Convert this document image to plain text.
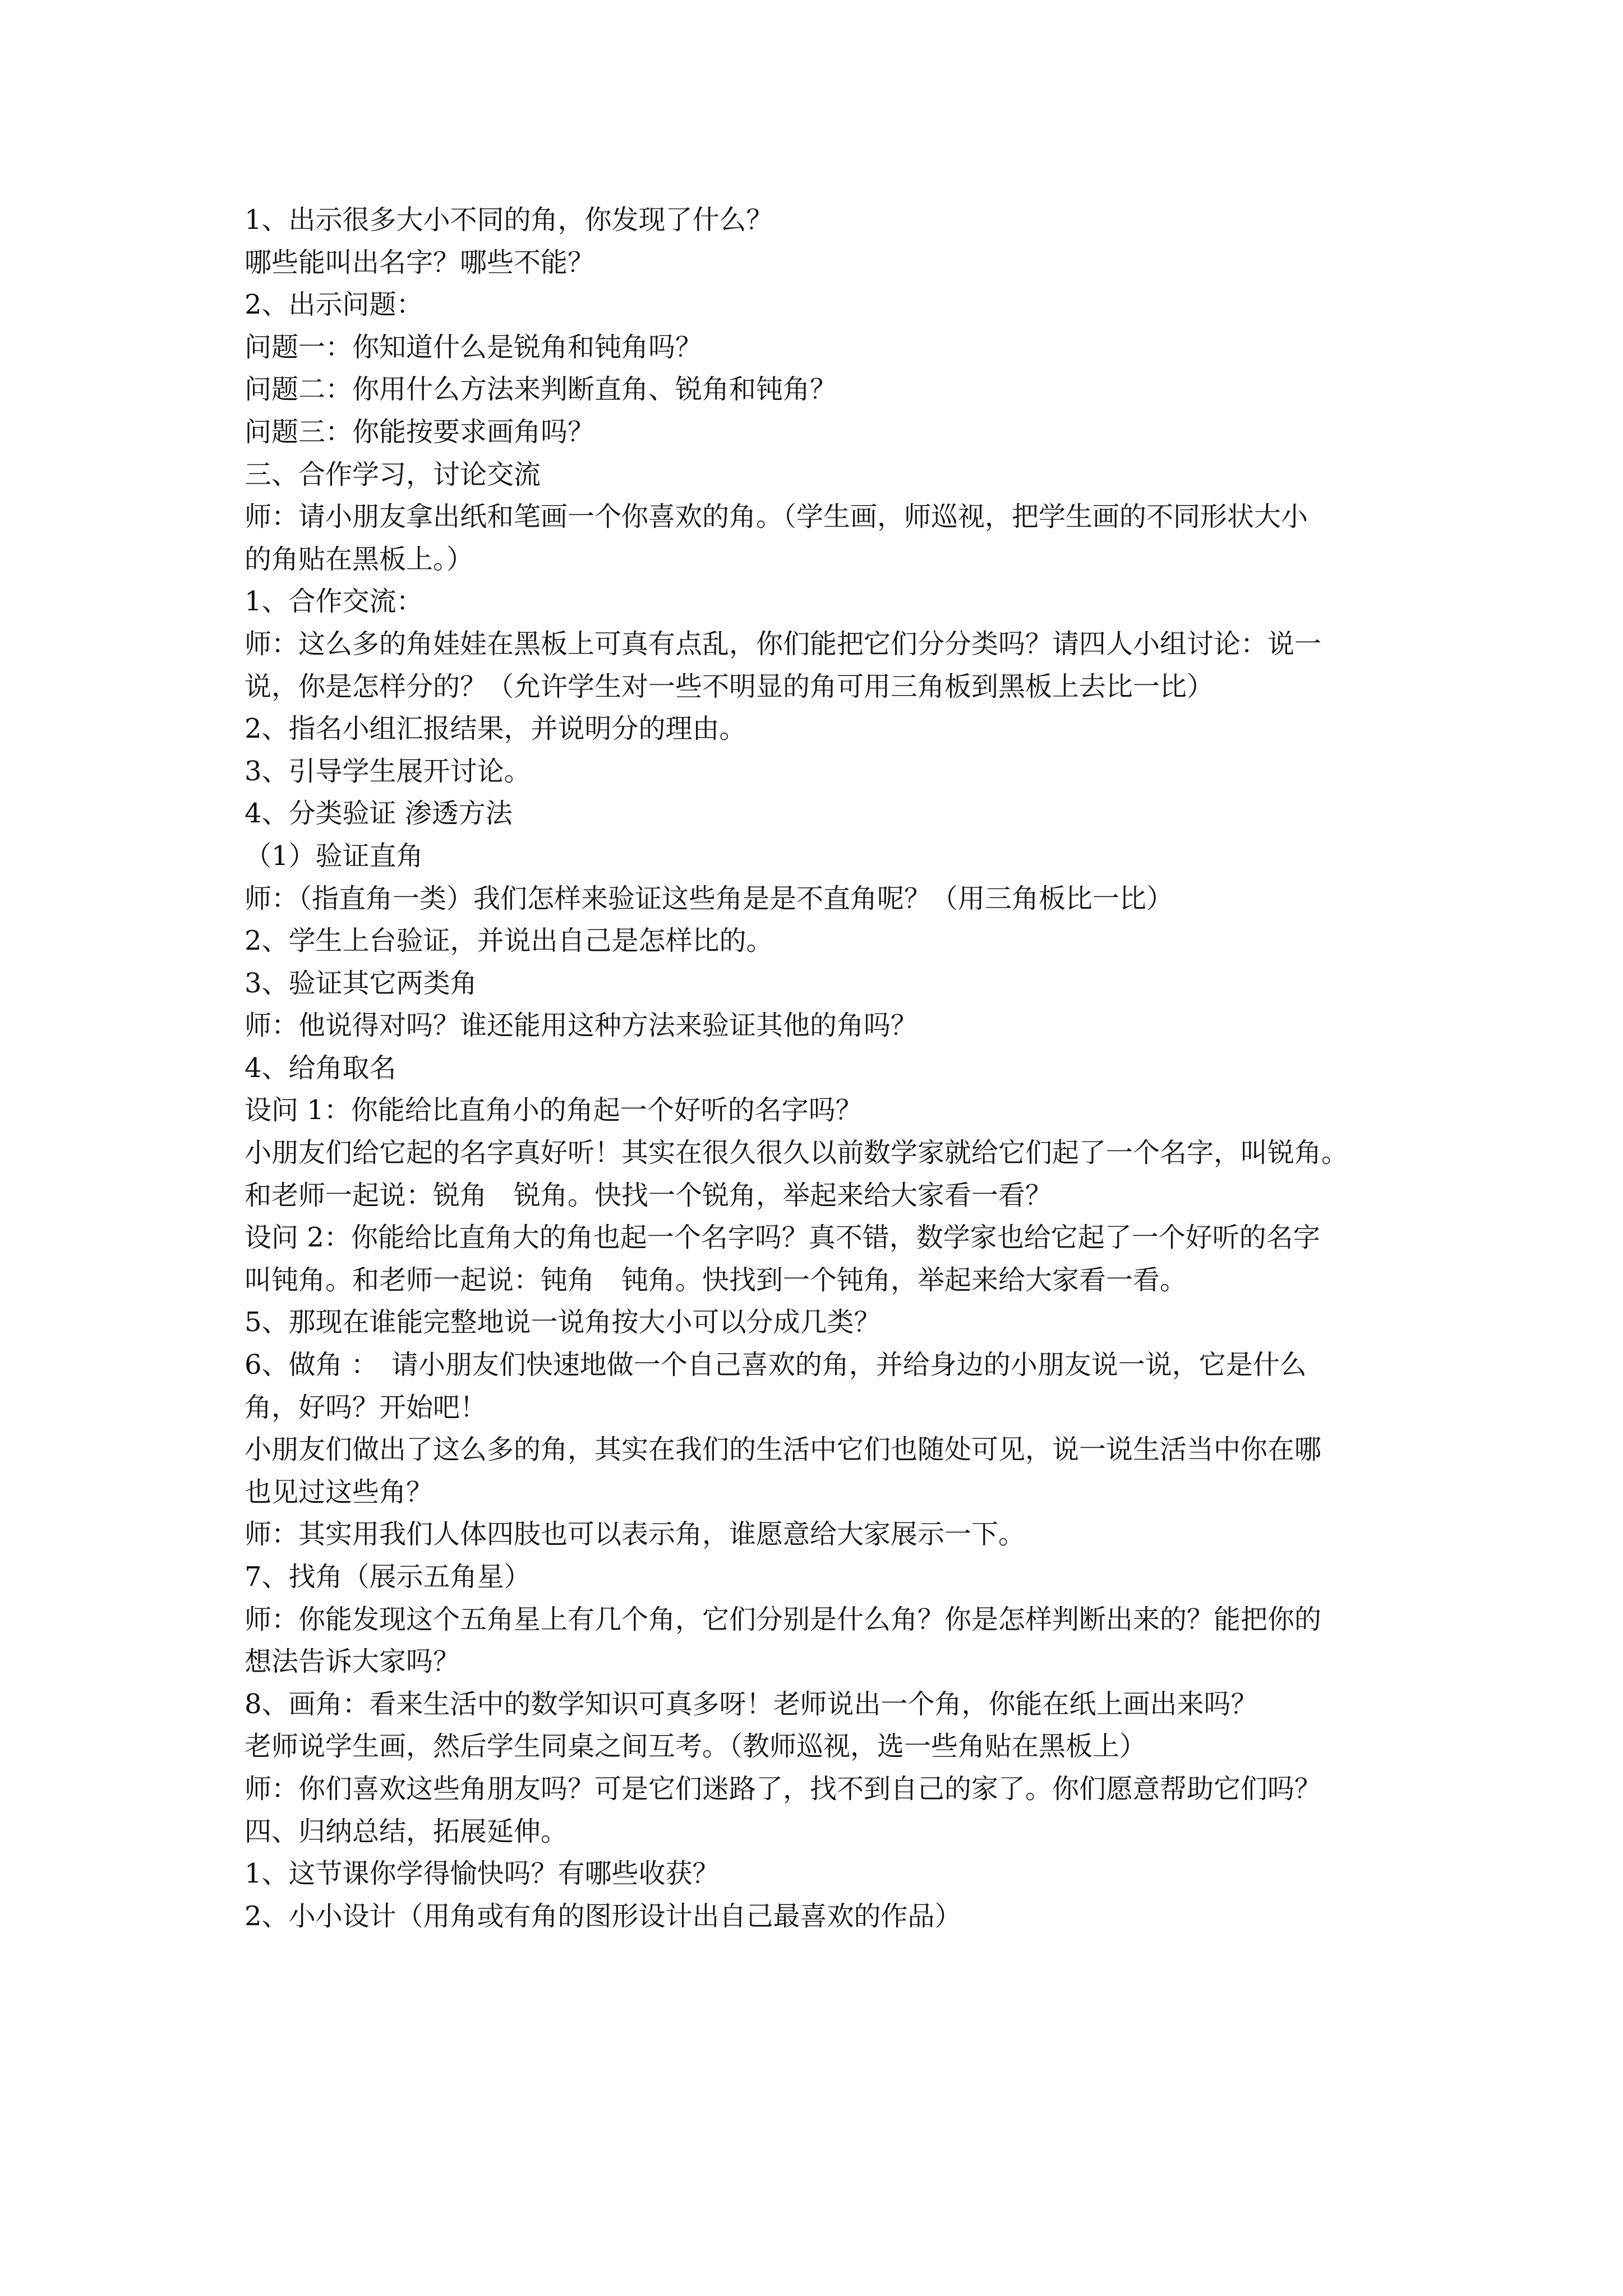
1、出示很多大小不同的角，你发现了什么？

哪些能叫出名字？哪些不能？

2、出示问题：

问题一：你知道什么是锐角和钝角吗？

问题二：你用什么方法来判断直角、锐角和钝角？

问题三：你能按要求画角吗？

三、合作学习，讨论交流

师：请小朋友拿出纸和笔画一个你喜欢的角。（学生画，师巡视，把学生画的不同形状大小

的角贴在黑板上。）

1、合作交流：

师：这么多的角娃娃在黑板上可真有点乱，你们能把它们分分类吗？请四人小组讨论：说一

说，你是怎样分的？（允许学生对一些不明显的角可用三角板到黑板上去比一比）

2、指名小组汇报结果，并说明分的理由。

3、引导学生展开讨论。

4、分类验证 渗透方法

（1）验证直角

师：（指直角一类）我们怎样来验证这些角是是不直角呢？（用三角板比一比）

2、学生上台验证，并说出自己是怎样比的。

3、验证其它两类角

师：他说得对吗？谁还能用这种方法来验证其他的角吗？

4、给角取名

设问 1：你能给比直角小的角起一个好听的名字吗？

小朋友们给它起的名字真好听！其实在很久很久以前数学家就给它们起了一个名字，叫锐角。

和老师一起说：锐角　锐角。快找一个锐角，举起来给大家看一看？

设问 2：你能给比直角大的角也起一个名字吗？真不错，数学家也给它起了一个好听的名字

叫钝角。和老师一起说：钝角　钝角。快找到一个钝角，举起来给大家看一看。

5、那现在谁能完整地说一说角按大小可以分成几类？

6、做角 ：　请小朋友们快速地做一个自己喜欢的角，并给身边的小朋友说一说，它是什么

角，好吗？开始吧！

小朋友们做出了这么多的角，其实在我们的生活中它们也随处可见，说一说生活当中你在哪

也见过这些角？

师：其实用我们人体四肢也可以表示角，谁愿意给大家展示一下。

7、找角（展示五角星）

师：你能发现这个五角星上有几个角，它们分别是什么角？你是怎样判断出来的？能把你的

想法告诉大家吗？

8、画角：看来生活中的数学知识可真多呀！老师说出一个角，你能在纸上画出来吗？

老师说学生画，然后学生同桌之间互考。（教师巡视，选一些角贴在黑板上）

师：你们喜欢这些角朋友吗？可是它们迷路了，找不到自己的家了。你们愿意帮助它们吗？

四、归纳总结，拓展延伸。

1、这节课你学得愉快吗？有哪些收获？

2、小小设计（用角或有角的图形设计出自己最喜欢的作品）
